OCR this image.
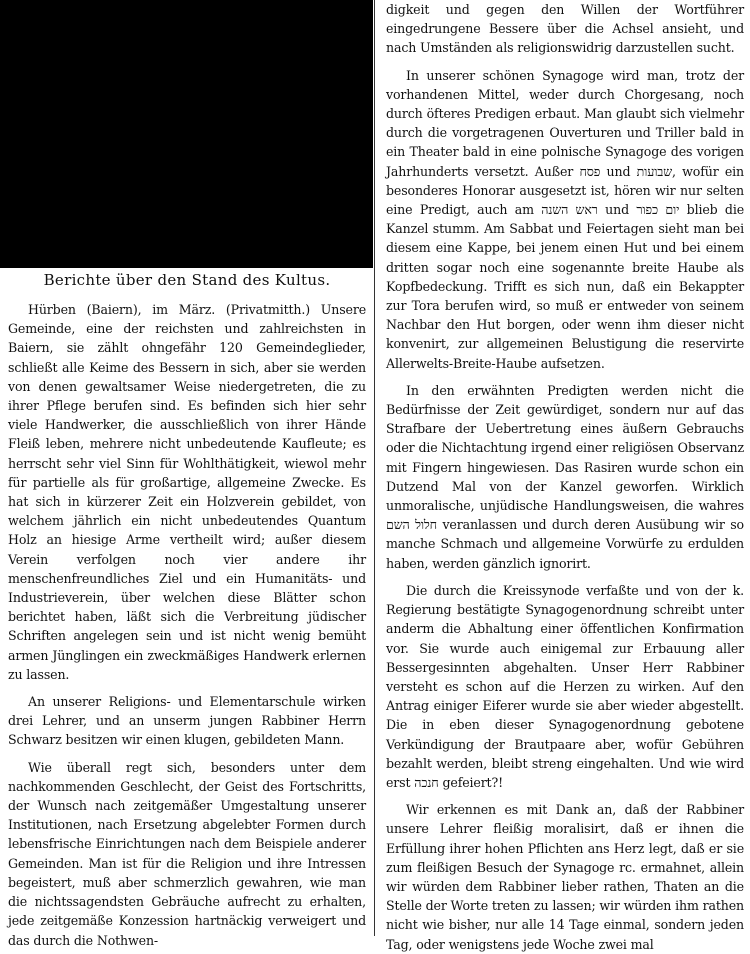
Berichte über den Stand des Kultus.

Hürben (Baiern), im März. (Privatmitth.) Unsere Gemeinde, eine der reichsten und zahlreichsten in Baiern, sie zählt ohngefähr 120 Gemeindeglieder, schließt alle Keime des Bessern in sich, aber sie werden von denen gewaltsamer Weise niedergetreten, die zu ihrer Pflege berufen sind. Es befinden sich hier sehr viele Handwerker, die ausschließlich von ihrer Hände Fleiß leben, mehrere nicht unbedeutende Kaufleute; es herrscht sehr viel Sinn für Wohlthätigkeit, wiewol mehr für partielle als für großartige, allgemeine Zwecke. Es hat sich in kürzerer Zeit ein Holzverein gebildet, von welchem jährlich ein nicht unbedeutendes Quantum Holz an hiesige Arme vertheilt wird; außer diesem Verein verfolgen noch vier andere ihr menschenfreundliches Ziel und ein Humanitäts- und Industrieverein, über welchen diese Blätter schon berichtet haben, läßt sich die Verbreitung jüdischer Schriften angelegen sein und ist nicht wenig bemüht armen Jünglingen ein zweckmäßiges Handwerk erlernen zu lassen.

An unserer Religions- und Elementarschule wirken drei Lehrer, und an unserm jungen Rabbiner Herrn Schwarz besitzen wir einen klugen, gebildeten Mann.

Wie überall regt sich, besonders unter dem nachkommenden Geschlecht, der Geist des Fortschritts, der Wunsch nach zeitgemäßer Umgestaltung unserer Institutionen, nach Ersetzung abgelebter Formen durch lebensfrische Einrichtungen nach dem Beispiele anderer Gemeinden. Man ist für die Religion und ihre Intressen begeistert, muß aber schmerzlich gewahren, wie man die nichtssagendsten Gebräuche aufrecht zu erhalten, jede zeitgemäße Konzession hartnäckig verweigert und das durch die Nothwen-

digkeit und gegen den Willen der Wortführer eingedrungene Bessere über die Achsel ansieht, und nach Umständen als religionswidrig darzustellen sucht.

In unserer schönen Synagoge wird man, trotz der vorhandenen Mittel, weder durch Chorgesang, noch durch öfteres Predigen erbaut. Man glaubt sich vielmehr durch die vorgetragenen Ouverturen und Triller bald in ein Theater bald in eine polnische Synagoge des vorigen Jahrhunderts versetzt. Außer פסח und שבועות, wofür ein besonderes Honorar ausgesetzt ist, hören wir nur selten eine Predigt, auch am ראש השנה und יום כפור blieb die Kanzel stumm. Am Sabbat und Feiertagen sieht man bei diesem eine Kappe, bei jenem einen Hut und bei einem dritten sogar noch eine sogenannte breite Haube als Kopfbedeckung. Trifft es sich nun, daß ein Bekappter zur Tora berufen wird, so muß er entweder von seinem Nachbar den Hut borgen, oder wenn ihm dieser nicht konvenirt, zur allgemeinen Belustigung die reservirte Allerwelts-Breite-Haube aufsetzen.

In den erwähnten Predigten werden nicht die Bedürfnisse der Zeit gewürdiget, sondern nur auf das Strafbare der Uebertretung eines äußern Gebrauchs oder die Nichtachtung irgend einer religiösen Observanz mit Fingern hingewiesen. Das Rasiren wurde schon ein Dutzend Mal von der Kanzel geworfen. Wirklich unmoralische, unjüdische Handlungsweisen, die wahres חלול השם veranlassen und durch deren Ausübung wir so manche Schmach und allgemeine Vorwürfe zu erdulden haben, werden gänzlich ignorirt.

Die durch die Kreissynode verfaßte und von der k. Regierung bestätigte Synagogenordnung schreibt unter anderm die Abhaltung einer öffentlichen Konfirmation vor. Sie wurde auch einigemal zur Erbauung aller Bessergesinnten abgehalten. Unser Herr Rabbiner versteht es schon auf die Herzen zu wirken. Auf den Antrag einiger Eiferer wurde sie aber wieder abgestellt. Die in eben dieser Synagogenordnung gebotene Verkündigung der Brautpaare aber, wofür Gebühren bezahlt werden, bleibt streng eingehalten. Und wie wird erst חנכה gefeiert?!

Wir erkennen es mit Dank an, daß der Rabbiner unsere Lehrer fleißig moralisirt, daß er ihnen die Erfüllung ihrer hohen Pflichten ans Herz legt, daß er sie zum fleißigen Besuch der Synagoge rc. ermahnet, allein wir würden dem Rabbiner lieber rathen, Thaten an die Stelle der Worte treten zu lassen; wir würden ihm rathen nicht wie bisher, nur alle 14 Tage einmal, sondern jeden Tag, oder wenigstens jede Woche zwei mal
